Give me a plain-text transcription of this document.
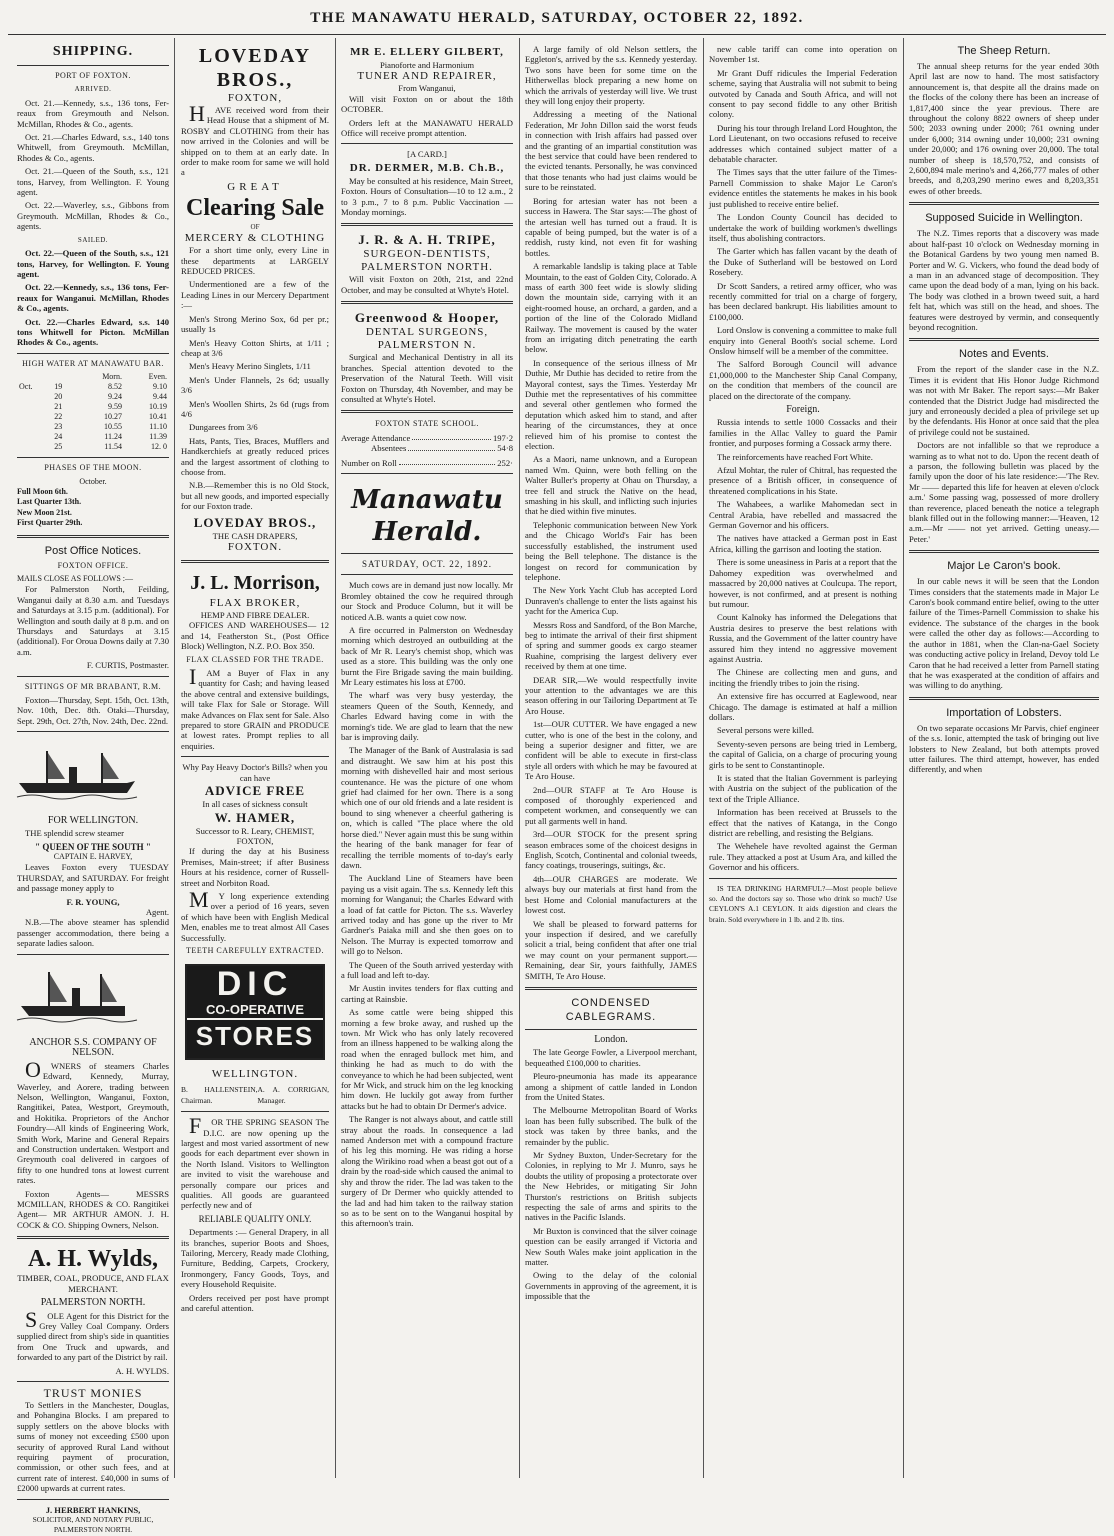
THE MANAWATU HERALD, SATURDAY, OCTOBER 22, 1892.
SHIPPING.
PORT OF FOXTON.
ARRIVED.

Oct. 21.—Kennedy, s.s., 136 tons, Fer-reaux from Greymouth and Nelson. McMillan, Rhodes & Co., agents.

Oct. 21.—Charles Edward, s.s., 140 tons Whitwell, from Greymouth. McMillan, Rhodes & Co., agents.

Oct. 21.—Queen of the South, s.s., 121 tons, Harvey, from Wellington. F. Young agent.

Oct. 22.—Waverley, s.s., Gibbons from Greymouth. McMillan, Rhodes & Co., agents.

SAILED.

Oct. 22.—Queen of the South, s.s., 121 tons, Harvey, for Wellington. F. Young agent.

Oct. 22.—Kennedy, s.s., 136 tons, Fer-reaux for Wanganui. McMillan, Rhodes & Co., agents.

Oct. 22.—Charles Edward, s.s. 140 tons Whitwell for Picton. McMillan Rhodes & Co., agents.

HIGH WATER AT MANAWATU BAR.
		Morn.	Even.
Oct.	19	8.52	9.10
	20	9.24	9.44
	21	9.59	10.19
	22	10.27	10.41
	23	10.55	11.10
	24	11.24	11.39
	25	11.54	12. 0
PHASES OF THE MOON.
October.
Full Moon 6th.
Last Quarter 13th.
New Moon 21st.
First Quarter 29th.
Post Office Notices.
FOXTON OFFICE.
MAILS CLOSE AS FOLLOWS :—

For Palmerston North, Feilding, Wanganui daily at 8.30 a.m. and Tuesdays and Saturdays at 3.15 p.m. (additional). For Wellington and south daily at 8 p.m. and on Thursdays and Saturdays at 3.15 (additional). For Oroua Downs daily at 7.30 a.m.

F. CURTIS, Postmaster.
SITTINGS OF MR BRABANT, R.M.

Foxton—Thursday, Sept. 15th, Oct. 13th, Nov. 10th, Dec. 8th. Otaki—Thursday, Sept. 29th, Oct. 27th, Nov. 24th, Dec. 22nd.

FOR WELLINGTON.

THE splendid screw steamer

" QUEEN OF THE SOUTH "
CAPTAIN E. HARVEY,

Leaves Foxton every TUESDAY THURSDAY, and SATURDAY. For freight and passage money apply to

F. R. YOUNG,
Agent.

N.B.—The above steamer has splendid passenger accommodation, there being a separate ladies saloon.

ANCHOR S.S. COMPANY OF NELSON.

OWNERS of steamers Charles Edward, Kennedy, Murray, Waverley, and Aorere, trading between Nelson, Wellington, Wanganui, Foxton, Rangitikei, Patea, Westport, Greymouth, and Hokitika. Proprietors of the Anchor Foundry—All kinds of Engineering Work, Smith Work, Marine and General Repairs and Construction undertaken. Westport and Greymouth coal delivered in cargoes of fifty to one hundred tons at lowest current rates.

Foxton Agents— MESSRS MCMILLAN, RHODES & CO. Rangitikei Agent— MR ARTHUR AMON. J. H. COCK & CO. Shipping Owners, Nelson.

A. H. Wylds,
TIMBER, COAL, PRODUCE, AND FLAX MERCHANT.
PALMERSTON NORTH.

SOLE Agent for this District for the Grey Valley Coal Company. Orders supplied direct from ship's side in quantities from One Truck and upwards, and forwarded to any part of the District by rail.

A. H. WYLDS.
TRUST MONIES

To Settlers in the Manchester, Douglas, and Pohangina Blocks. I am prepared to supply settlers on the above blocks with sums of money not exceeding £500 upon security of approved Rural Land without requiring payment of procuration, commission, or other such fees, and at current rate of interest. £40,000 in sums of £2000 upwards at current rates.

J. HERBERT HANKINS,
SOLICITOR, AND NOTARY PUBLIC, PALMERSTON NORTH.
LOVEDAY BROS.,
FOXTON,

HAVE received word from their Head House that a shipment of M. ROSBY and CLOTHING from their has now arrived in the Colonies and will be shipped on to them at an early date. In order to make room for same we will hold a

GREAT
Clearing Sale
OF
MERCERY & CLOTHING

For a short time only, every Line in these departments at LARGELY REDUCED PRICES.

Undermentioned are a few of the Leading Lines in our Mercery Department :—

Men's Strong Merino Sox, 6d per pr.; usually 1s

Men's Heavy Cotton Shirts, at 1/11 ; cheap at 3/6

Men's Heavy Merino Singlets, 1/11

Men's Under Flannels, 2s 6d; usually 3/6

Men's Woollen Shirts, 2s 6d (rugs from 4/6

Dungarees from 3/6

Hats, Pants, Ties, Braces, Mufflers and Handkerchiefs at greatly reduced prices and the largest assortment of clothing to choose from.

N.B.—Remember this is no Old Stock, but all new goods, and imported especially for our Foxton trade.

LOVEDAY BROS.,
THE CASH DRAPERS,
FOXTON.
J. L. Morrison,
FLAX BROKER,
HEMP AND FIBRE DEALER.

OFFICES AND WAREHOUSES— 12 and 14, Featherston St., (Post Office Block) Wellington, N.Z. P.O. Box 350.

FLAX CLASSED FOR THE TRADE.

IAM a Buyer of Flax in any quantity for Cash; and having leased the above central and extensive buildings, will take Flax for Sale or Storage. Will make Advances on Flax sent for Sale. Also prepared to store GRAIN and PRODUCE at lowest rates. Prompt replies to all enquiries.

Why Pay Heavy Doctor's Bills? when you can have
ADVICE FREE
In all cases of sickness consult
W. HAMER,
Successor to R. Leary, CHEMIST, FOXTON,

If during the day at his Business Premises, Main-street; if after Business Hours at his residence, corner of Russell-street and Norbiton Road.

MY long experience extending over a period of 16 years, seven of which have been with English Medical Men, enables me to treat almost All Cases Successfully.

TEETH CAREFULLY EXTRACTED.
DIC
CO-OPERATIVE
STORES
WELLINGTON.
B. HALLENSTEIN, Chairman.
A. A. CORRIGAN, Manager.

FOR THE SPRING SEASON The D.I.C. are now opening up the largest and most varied assortment of new goods for each department ever shown in the North Island. Visitors to Wellington are invited to visit the warehouse and personally compare our prices and qualities. All goods are guaranteed perfectly new and of

RELIABLE QUALITY ONLY.

Departments :— General Drapery, in all its branches, superior Boots and Shoes, Tailoring, Mercery, Ready made Clothing, Furniture, Bedding, Carpets, Crockery, Ironmongery, Fancy Goods, Toys, and every Household Requisite.

Orders received per post have prompt and careful attention.

MR E. ELLERY GILBERT,
Pianoforte and Harmonium
TUNER AND REPAIRER,
From Wanganui,

Will visit Foxton on or about the 18th OCTOBER.

Orders left at the MANAWATU HERALD Office will receive prompt attention.

[A CARD.]
DR. DERMER, M.B. Ch.B.,

May be consulted at his residence, Main Street, Foxton. Hours of Consultation—10 to 12 a.m., 2 to 3 p.m., 7 to 8 p.m. Public Vaccination — Monday mornings.

J. R. & A. H. TRIPE,
SURGEON-DENTISTS,
PALMERSTON NORTH.

Will visit Foxton on 20th, 21st, and 22nd October, and may be consulted at Whyte's Hotel.

Greenwood & Hooper,
DENTAL SURGEONS,
PALMERSTON N.

Surgical and Mechanical Dentistry in all its branches. Special attention devoted to the Preservation of the Natural Teeth. Will visit Foxton on Thursday, 4th November, and may be consulted at Whyte's Hotel.

FOXTON STATE SCHOOL.
Average Attendance	197·2
Absentees	54·8
Number on Roll	252·
Manawatu Herald.
SATURDAY, OCT. 22, 1892.

Much cows are in demand just now locally. Mr Bromley obtained the cow he required through our Stock and Produce Column, but it will be noticed A.B. wants a quiet cow now.

A fire occurred in Palmerston on Wednesday morning which destroyed an outbuilding at the back of Mr R. Leary's chemist shop, which was used as a store. This building was the only one burnt the Fire Brigade saving the main building. Mr Leary estimates his loss at £700.

The wharf was very busy yesterday, the steamers Queen of the South, Kennedy, and Charles Edward having come in with the morning's tide. We are glad to learn that the new bar is improving daily.

The Manager of the Bank of Australasia is sad and distraught. We saw him at his post this morning with dishevelled hair and most serious countenance. He was the picture of one whom grief had claimed for her own. There is a song which one of our old friends and a late resident is bound to sing whenever a cheerful gathering is on, which is called "The place where the old horse died." Never again must this be sung within the hearing of the bank manager for fear of recalling the terrible moments of to-day's early dawn.

The Auckland Line of Steamers have been paying us a visit again. The s.s. Kennedy left this morning for Wanganui; the Charles Edward with a load of fat cattle for Picton. The s.s. Waverley arrived today and has gone up the river to Mr Gardner's Paiaka mill and she then goes on to Nelson. The Murray is expected tomorrow and will go to Nelson.

The Queen of the South arrived yesterday with a full load and left to-day.

Mr Austin invites tenders for flax cutting and carting at Rainsbie.

As some cattle were being shipped this morning a few broke away, and rushed up the town. Mr Wick who has only lately recovered from an illness happened to be walking along the road when the enraged bullock met him, and thinking he had as much to do with the conveyance to which he had been subjected, went for Mr Wick, and struck him on the leg knocking him down. He luckily got away from further attacks but he had to obtain Dr Dermer's advice.

The Ranger is not always about, and cattle still stray about the roads. In consequence a lad named Anderson met with a compound fracture of his leg this morning. He was riding a horse along the Wirikino road when a beast got out of a drain by the road-side which caused the animal to shy and throw the rider. The lad was taken to the surgery of Dr Dermer who quickly attended to the lad and had him taken to the railway station so as to be sent on to the Wanganui hospital by this afternoon's train.

A large family of old Nelson settlers, the Eggleton's, arrived by the s.s. Kennedy yesterday. Two sons have been for some time on the Hitherwellas block preparing a new home on which the arrivals of yesterday will live. We trust they will long enjoy their property.

Addressing a meeting of the National Federation, Mr John Dillon said the worst feuds in connection with Irish affairs had passed over and the granting of an impartial constitution was the best service that could have been rendered to the evicted tenants. Personally, he was convinced that those tenants who had just claims would be sure to be reinstated.

Boring for artesian water has not been a success in Hawera. The Star says:—The ghost of the artesian well has turned out a fraud. It is capable of being pumped, but the water is of a reddish, rusty kind, not even fit for washing bottles.

A remarkable landslip is taking place at Table Mountain, to the east of Golden City, Colorado. A mass of earth 300 feet wide is slowly sliding down the mountain side, carrying with it an eight-roomed house, an orchard, a garden, and a portion of the line of the Colorado Midland Railway. The movement is caused by the water from an irrigating ditch penetrating the earth below.

In consequence of the serious illness of Mr Duthie, Mr Duthie has decided to retire from the Mayoral contest, says the Times. Yesterday Mr Duthie met the representatives of his committee and several other gentlemen who formed the deputation which asked him to stand, and after hearing of the circumstances, they at once relieved him of his promise to contest the election.

As a Maori, name unknown, and a European named Wm. Quinn, were both felling on the Walter Buller's property at Ohau on Thursday, a tree fell and struck the Native on the head, smashing in his skull, and inflicting such injuries that he died within five minutes.

Telephonic communication between New York and the Chicago World's Fair has been successfully established, the instrument used being the Bell telephone. The distance is the longest on record for communication by telephone.

The New York Yacht Club has accepted Lord Dunraven's challenge to enter the lists against his yacht for the America Cup.

Messrs Ross and Sandford, of the Bon Marche, beg to intimate the arrival of their first shipment of spring and summer goods ex cargo steamer Ruahine, comprising the largest delivery ever received by them at one time.

DEAR SIR,—We would respectfully invite your attention to the advantages we are this season offering in our Tailoring Department at Te Aro House.

1st—OUR CUTTER. We have engaged a new cutter, who is one of the best in the colony, and being a superior designer and fitter, we are confident will be able to execute in first-class style all orders with which he may be favoured at Te Aro House.

2nd—OUR STAFF at Te Aro House is composed of thoroughly experienced and competent workmen, and consequently we can put all garments well in hand.

3rd—OUR STOCK for the present spring season embraces some of the choicest designs in English, Scotch, Continental and colonial tweeds, fancy coatings, trouserings, suitings, &c.

4th—OUR CHARGES are moderate. We always buy our materials at first hand from the best Home and Colonial manufacturers at the lowest cost.

We shall be pleased to forward patterns for your inspection if desired, and we carefully solicit a trial, being confident that after one trial we may count on your permanent support.—Remaining, dear Sir, yours faithfully, JAMES SMITH, Te Aro House.

CONDENSED CABLEGRAMS.
London.

The late George Fowler, a Liverpool merchant, bequeathed £100,000 to charities.

Pleuro-pneumonia has made its appearance among a shipment of cattle landed in London from the United States.

The Melbourne Metropolitan Board of Works loan has been fully subscribed. The bulk of the stock was taken by three banks, and the remainder by the public.

Mr Sydney Buxton, Under-Secretary for the Colonies, in replying to Mr J. Munro, says he doubts the utility of proposing a protectorate over the New Hebrides, or mitigating Sir John Thurston's restrictions on British subjects respecting the sale of arms and spirits to the natives in the Pacific Islands.

Mr Buxton is convinced that the silver coinage question can be easily arranged if Victoria and New South Wales make joint application in the matter.

Owing to the delay of the colonial Governments in approving of the agreement, it is impossible that the

new cable tariff can come into operation on November 1st.

Mr Grant Duff ridicules the Imperial Federation scheme, saying that Australia will not submit to being outvoted by Canada and South Africa, and will not consent to pay second fiddle to any other British colony.

During his tour through Ireland Lord Houghton, the Lord Lieutenant, on two occasions refused to receive addresses which contained subject matter of a debatable character.

The Times says that the utter failure of the Times-Parnell Commission to shake Major Le Caron's evidence entitles the statements he makes in his book just published to receive entire belief.

The London County Council has decided to undertake the work of building workmen's dwellings itself, thus abolishing contractors.

The Garter which has fallen vacant by the death of the Duke of Sutherland will be bestowed on Lord Rosebery.

Dr Scott Sanders, a retired army officer, who was recently committed for trial on a charge of forgery, has been declared bankrupt. His liabilities amount to £100,000.

Lord Onslow is convening a committee to make full enquiry into General Booth's social scheme. Lord Onslow himself will be a member of the committee.

The Salford Borough Council will advance £1,000,000 to the Manchester Ship Canal Company, on the condition that members of the council are placed on the directorate of the company.

Foreign.

Russia intends to settle 1000 Cossacks and their families in the Allac Valley to guard the Pamir frontier, and purposes forming a Cossack army there.

The reinforcements have reached Fort White.

Afzul Mohtar, the ruler of Chitral, has requested the presence of a British officer, in consequence of threatened complications in his State.

The Wahabees, a warlike Mahomedan sect in Central Arabia, have rebelled and massacred the German Governor and his officers.

The natives have attacked a German post in East Africa, killing the garrison and looting the station.

There is some uneasiness in Paris at a report that the Dahomey expedition was overwhelmed and massacred by 20,000 natives at Coulcupa. The report, however, is not confirmed, and at present is nothing but rumour.

Count Kalnoky has informed the Delegations that Austria desires to preserve the best relations with Russia, and the Government of the latter country have assured him they intend no aggressive movement against Austria.

The Chinese are collecting men and guns, and inciting the friendly tribes to join the rising.

An extensive fire has occurred at Eaglewood, near Chicago. The damage is estimated at half a million dollars.

Several persons were killed.

Seventy-seven persons are being tried in Lemberg, the capital of Galicia, on a charge of procuring young girls to be sent to Constantinople.

It is stated that the Italian Government is parleying with Austria on the subject of the publication of the text of the Triple Alliance.

Information has been received at Brussels to the effect that the natives of Katanga, in the Congo district are rebelling, and resisting the Belgians.

The Wehehele have revolted against the German rule. They attacked a post at Usum Ara, and killed the Governor and his officers.

IS TEA DRINKING HARMFUL?—Most people believe so. And the doctors say so. Those who drink so much? Use CEYLON'S A.1 CEYLON. It aids digestion and clears the brain. Sold everywhere in 1 lb. and 2 lb. tins.

The Sheep Return.

The annual sheep returns for the year ended 30th April last are now to hand. The most satisfactory announcement is, that despite all the drains made on the flocks of the colony there has been an increase of 1,817,400 since the year previous. There are throughout the colony 8822 owners of sheep under 500; 2033 owning under 2000; 761 owning under under 6,000; 314 owning under 10,000; 231 owning under 20,000; and 176 owning over 20,000. The total number of sheep is 18,570,752, and consists of 2,600,894 male merino's and 4,266,777 males of other breeds, and 8,203,290 merino ewes and 8,203,351 ewes of other breeds.

Supposed Suicide in Wellington.

The N.Z. Times reports that a discovery was made about half-past 10 o'clock on Wednesday morning in the Botanical Gardens by two young men named B. Porter and W. G. Vickers, who found the dead body of a man in an advanced stage of decomposition. They came upon the dead body of a man, lying on his back. The body was clothed in a brown tweed suit, a hard felt hat, which was still on the head, and shoes. The features were destroyed by vermin, and consequently beyond recognition.

Notes and Events.

From the report of the slander case in the N.Z. Times it is evident that His Honor Judge Richmond was not with Mr Baker. The report says:—Mr Baker contended that the District Judge had misdirected the jury and erroneously decided a plea of privilege set up by the defendants. His Honor at once said that the plea of privilege could not be sustained.

Doctors are not infallible so that we reproduce a warning as to what not to do. Upon the recent death of a parson, the following bulletin was placed by the family upon the door of his late residence:—'The Rev. Mr —— departed this life for heaven at eleven o'clock a.m.' Some passing wag, possessed of more drollery than reverence, placed beneath the notice a telegraph blank filled out in the following manner:—'Heaven, 12 a.m.—Mr —— not yet arrived. Getting uneasy.—Peter.'

Major Le Caron's book.

In our cable news it will be seen that the London Times considers that the statements made in Major Le Caron's book command entire belief, owing to the utter failure of the Times-Parnell Commission to shake his evidence. The substance of the charges in the book were called the other day as follows:—According to the author in 1881, when the Clan-na-Gael Society was conducting active policy in Ireland, Devoy told Le Caron that he had received a letter from Parnell stating that he was exasperated at the condition of affairs and was willing to do anything.

Importation of Lobsters.

On two separate occasions Mr Parvis, chief engineer of the s.s. Ionic, attempted the task of bringing out live lobsters to New Zealand, but both attempts proved utter failures. The third attempt, however, has ended differently, and when
